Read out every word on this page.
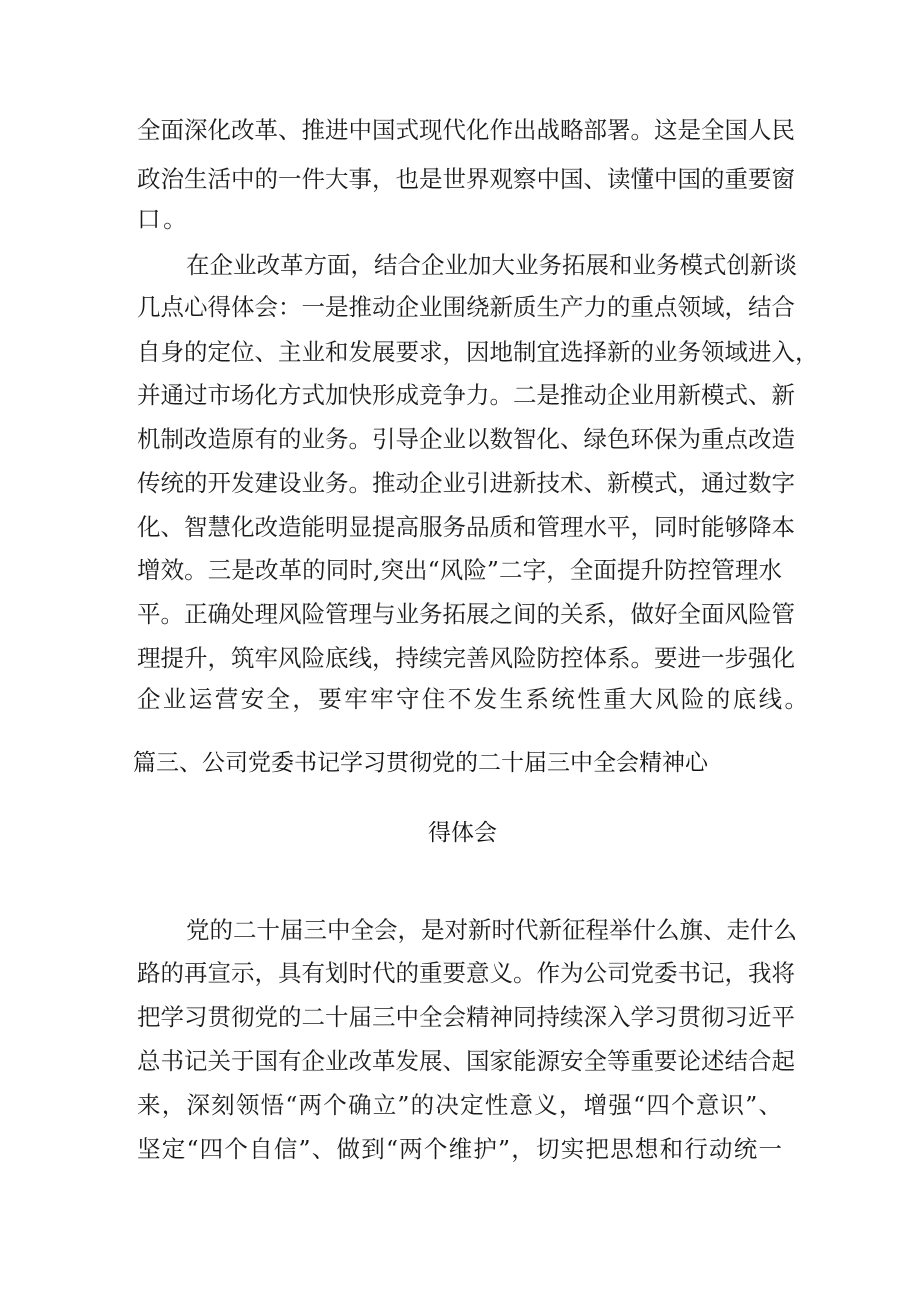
全面深化改革、推进中国式现代化作出战略部署。这是全国人民
政治生活中的一件大事，也是世界观察中国、读懂中国的重要窗
口。
在企业改革方面，结合企业加大业务拓展和业务模式创新谈
几点心得体会：一是推动企业围绕新质生产力的重点领域，结合
自身的定位、主业和发展要求，因地制宜选择新的业务领域进入，
并通过市场化方式加快形成竞争力。二是推动企业用新模式、新
机制改造原有的业务。引导企业以数智化、绿色环保为重点改造
传统的开发建设业务。推动企业引进新技术、新模式，通过数字
化、智慧化改造能明显提高服务品质和管理水平，同时能够降本
增效。三是改革的同时,突出“风险”二字，全面提升防控管理水
平。正确处理风险管理与业务拓展之间的关系，做好全面风险管
理提升，筑牢风险底线，持续完善风险防控体系。要进一步强化
企业运营安全，要牢牢守住不发生系统性重大风险的底线。
篇三、公司党委书记学习贯彻党的二十届三中全会精神心
得体会
党的二十届三中全会，是对新时代新征程举什么旗、走什么
路的再宣示，具有划时代的重要意义。作为公司党委书记，我将
把学习贯彻党的二十届三中全会精神同持续深入学习贯彻习近平
总书记关于国有企业改革发展、国家能源安全等重要论述结合起
来，深刻领悟“两个确立”的决定性意义，增强“四个意识”、
坚定“四个自信”、做到“两个维护”，切实把思想和行动统一
